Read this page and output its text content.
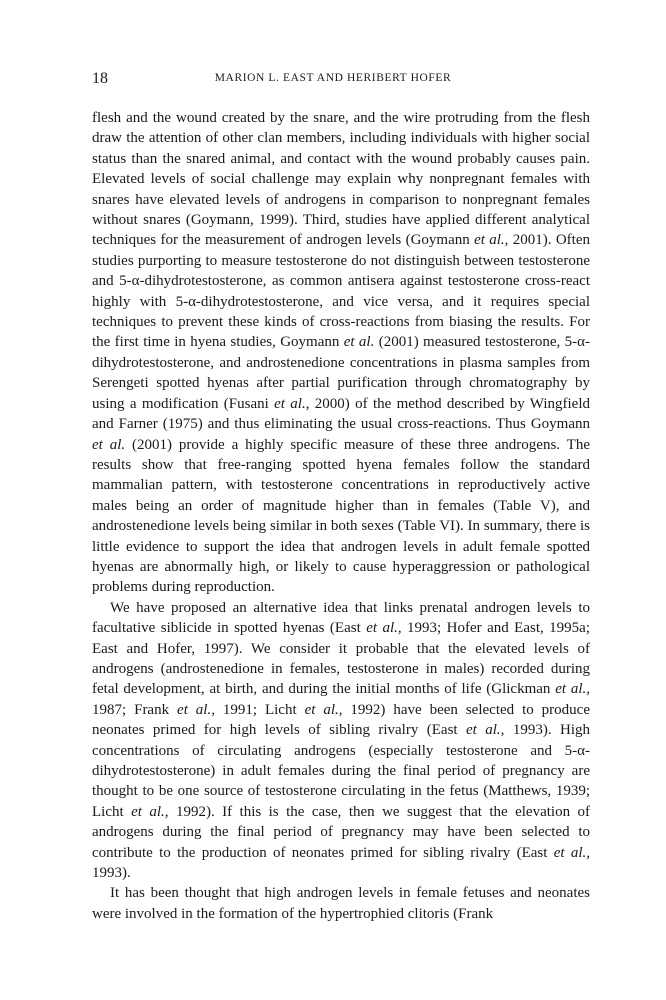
18	MARION L. EAST AND HERIBERT HOFER

flesh and the wound created by the snare, and the wire protruding from the flesh draw the attention of other clan members, including individuals with higher social status than the snared animal, and contact with the wound probably causes pain. Elevated levels of social challenge may explain why nonpregnant females with snares have elevated levels of androgens in comparison to nonpregnant females without snares (Goymann, 1999). Third, studies have applied different analytical techniques for the measurement of androgen levels (Goymann et al., 2001). Often studies purporting to measure testosterone do not distinguish between testosterone and 5-α-dihydrotestosterone, as common antisera against testosterone cross-react highly with 5-α-dihydrotestosterone, and vice versa, and it requires special techniques to prevent these kinds of cross-reactions from biasing the results. For the first time in hyena studies, Goymann et al. (2001) measured testosterone, 5-α-dihydrotestosterone, and androstenedione concentrations in plasma samples from Serengeti spotted hyenas after partial purification through chromatography by using a modification (Fusani et al., 2000) of the method described by Wingfield and Farner (1975) and thus eliminating the usual cross-reactions. Thus Goymann et al. (2001) provide a highly specific measure of these three androgens. The results show that free-ranging spotted hyena females follow the standard mammalian pattern, with testosterone concentrations in reproductively active males being an order of magnitude higher than in females (Table V), and androstenedione levels being similar in both sexes (Table VI). In summary, there is little evidence to support the idea that androgen levels in adult female spotted hyenas are abnormally high, or likely to cause hyperaggression or pathological problems during reproduction.

We have proposed an alternative idea that links prenatal androgen levels to facultative siblicide in spotted hyenas (East et al., 1993; Hofer and East, 1995a; East and Hofer, 1997). We consider it probable that the elevated levels of androgens (androstenedione in females, testosterone in males) recorded during fetal development, at birth, and during the initial months of life (Glickman et al., 1987; Frank et al., 1991; Licht et al., 1992) have been selected to produce neonates primed for high levels of sibling rivalry (East et al., 1993). High concentrations of circulating androgens (especially testosterone and 5-α-dihydrotestosterone) in adult females during the final period of pregnancy are thought to be one source of testosterone circulating in the fetus (Matthews, 1939; Licht et al., 1992). If this is the case, then we suggest that the elevation of androgens during the final period of pregnancy may have been selected to contribute to the production of neonates primed for sibling rivalry (East et al., 1993).

It has been thought that high androgen levels in female fetuses and neonates were involved in the formation of the hypertrophied clitoris (Frank
